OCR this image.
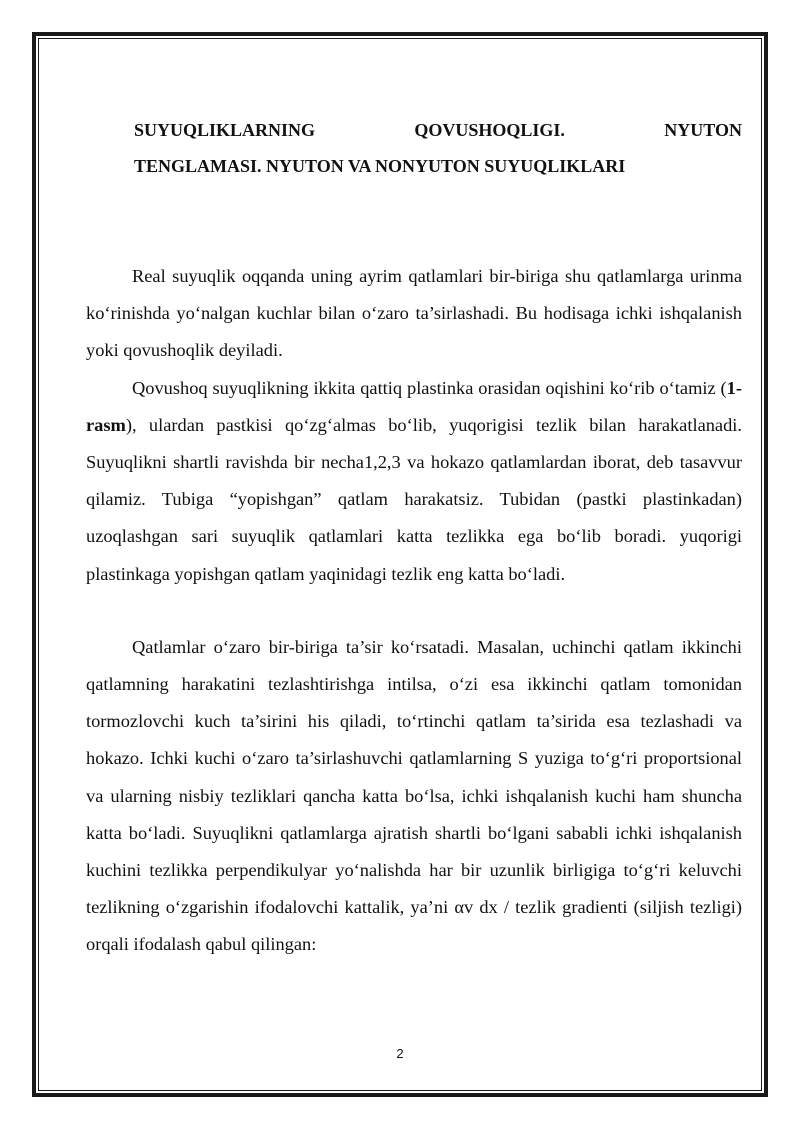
SUYUQLIKLARNING QOVUSHOQLIGI. NYUTON

TENGLAMASI. NYUTON VA NONYUTON SUYUQLIKLARI

Real suyuqlik oqqanda uning ayrim qatlamlari bir-biriga shu qatlamlarga urinma ko‘rinishda yo‘nalgan kuchlar bilan o‘zaro ta’sirlashadi. Bu hodisaga ichki ishqalanish yoki qovushoqlik deyiladi.

Qovushoq suyuqlikning ikkita qattiq plastinka orasidan oqishini ko‘rib o‘tamiz (1-rasm), ulardan pastkisi qo‘zg‘almas bo‘lib, yuqorigisi tezlik bilan harakatlanadi. Suyuqlikni shartli ravishda bir necha1,2,3 va hokazo qatlamlardan iborat, deb tasavvur qilamiz. Tubiga “yopishgan” qatlam harakatsiz. Tubidan (pastki plastinkadan) uzoqlashgan sari suyuqlik qatlamlari katta tezlikka ega bo‘lib boradi. yuqorigi plastinkaga yopishgan qatlam yaqinidagi tezlik eng katta bo‘ladi.

Qatlamlar o‘zaro bir-biriga ta’sir ko‘rsatadi. Masalan, uchinchi qatlam ikkinchi qatlamning harakatini tezlashtirishga intilsa, o‘zi esa ikkinchi qatlam tomonidan tormozlovchi kuch ta’sirini his qiladi, to‘rtinchi qatlam ta’sirida esa tezlashadi va hokazo. Ichki kuchi o‘zaro ta’sirlashuvchi qatlamlarning S yuziga to‘g‘ri proportsional va ularning nisbiy tezliklari qancha katta bo‘lsa, ichki ishqalanish kuchi ham shuncha katta bo‘ladi. Suyuqlikni qatlamlarga ajratish shartli bo‘lgani sababli ichki ishqalanish kuchini tezlikka perpendikulyar yo‘nalishda har bir uzunlik birligiga to‘g‘ri keluvchi tezlikning o‘zgarishin ifodalovchi kattalik, ya’ni αv dx / tezlik gradienti (siljish tezligi) orqali ifodalash qabul qilingan:

2
